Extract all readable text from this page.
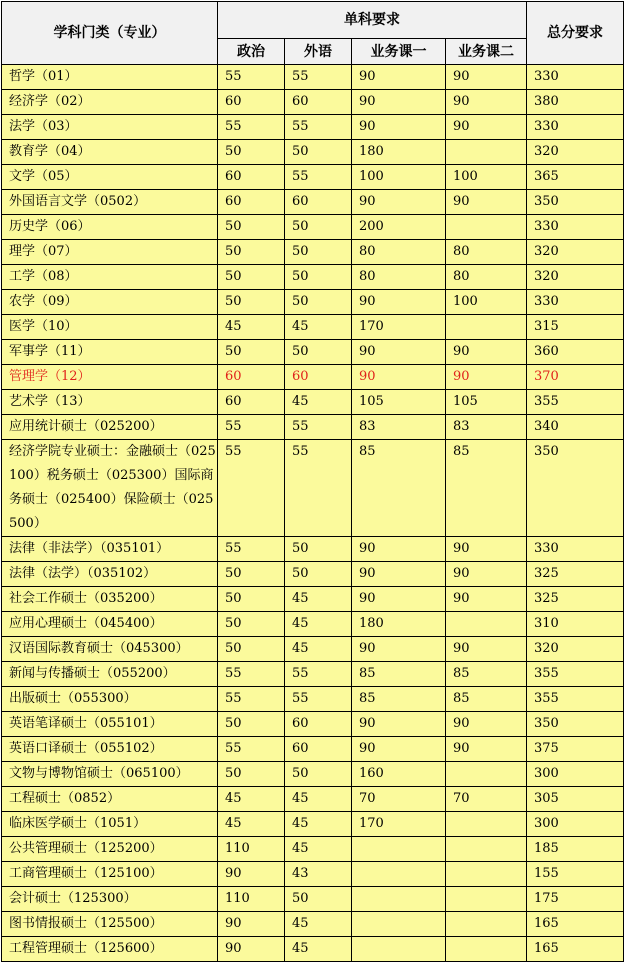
学科门类（专业）	单科要求				总分要求
	政治	外语	业务课一	业务课二	
哲学（01）	55	55	90	90	330
经济学（02）	60	60	90	90	380
法学（03）	55	55	90	90	330
教育学（04）	50	50	180		320
文学（05）	60	55	100	100	365
外国语言文学（0502）	60	60	90	90	350
历史学（06）	50	50	200		330
理学（07）	50	50	80	80	320
工学（08）	50	50	80	80	320
农学（09）	50	50	90	100	330
医学（10）	45	45	170		315
军事学（11）	50	50	90	90	360
管理学（12）	60	60	90	90	370
艺术学（13）	60	45	105	105	355
应用统计硕士（025200）	55	55	83	83	340
经济学院专业硕士：金融硕士（025100）税务硕士（025300）国际商务硕士（025400）保险硕士（025500）	55	55	85	85	350
法律（非法学）（035101）	55	50	90	90	330
法律（法学）（035102）	50	50	90	90	325
社会工作硕士（035200）	50	45	90	90	325
应用心理硕士（045400）	50	45	180		310
汉语国际教育硕士（045300）	50	45	90	90	320
新闻与传播硕士（055200）	55	55	85	85	355
出版硕士（055300）	55	55	85	85	355
英语笔译硕士（055101）	50	60	90	90	350
英语口译硕士（055102）	55	60	90	90	375
文物与博物馆硕士（065100）	50	50	160		300
工程硕士（0852）	45	45	70	70	305
临床医学硕士（1051）	45	45	170		300
公共管理硕士（125200）	110	45			185
工商管理硕士（125100）	90	43			155
会计硕士（125300）	110	50			175
图书情报硕士（125500）	90	45			165
工程管理硕士（125600）	90	45			165
